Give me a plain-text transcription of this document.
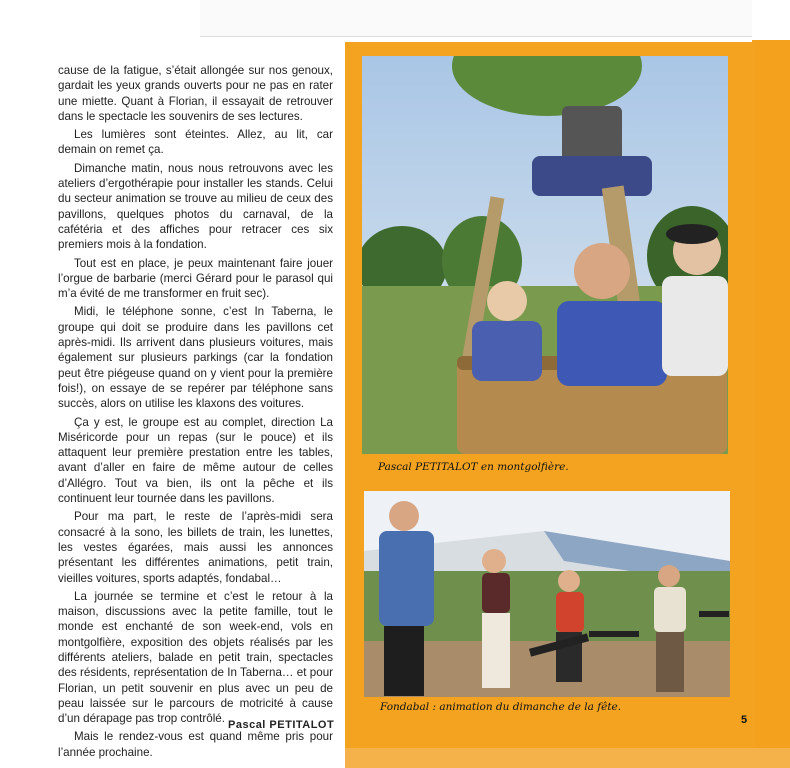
cause de la fatigue, s’était allongée sur nos genoux, gardait les yeux grands ouverts pour ne pas en rater une miette. Quant à Florian, il essayait de retrouver dans le spectacle les souvenirs de ses lectures.

Les lumières sont éteintes. Allez, au lit, car demain on remet ça.

Dimanche matin, nous nous retrouvons avec les ateliers d’ergothérapie pour installer les stands. Celui du secteur animation se trouve au milieu de ceux des pavillons, quelques photos du carnaval, de la cafétéria et des affiches pour retracer ces six premiers mois à la fondation.

Tout est en place, je peux maintenant faire jouer l’orgue de barbarie (merci Gérard pour le parasol qui m’a évité de me transformer en fruit sec).

Midi, le téléphone sonne, c’est In Taberna, le groupe qui doit se produire dans les pavillons cet après-midi. Ils arrivent dans plusieurs voitures, mais également sur plusieurs parkings (car la fondation peut être piégeuse quand on y vient pour la première fois!), on essaye de se repérer par téléphone sans succès, alors on utilise les klaxons des voitures.

Ça y est, le groupe est au complet, direction La Miséricorde pour un repas (sur le pouce) et ils attaquent leur première prestation entre les tables, avant d’aller en faire de même autour de celles d’Allégro. Tout va bien, ils ont la pêche et ils continuent leur tournée dans les pavillons.

Pour ma part, le reste de l’après-midi sera consacré à la sono, les billets de train, les lunettes, les vestes égarées, mais aussi les annonces présentant les différentes animations, petit train, vieilles voitures, sports adaptés, fondabal…

La journée se termine et c’est le retour à la maison, discussions avec la petite famille, tout le monde est enchanté de son week-end, vols en montgolfière, exposition des objets réalisés par les différents ateliers, balade en petit train, spectacles des résidents, représentation de In Taberna… et pour Florian, un petit souvenir en plus avec un peu de peau laissée sur le parcours de motricité à cause d’un dérapage pas trop contrôlé.

Mais le rendez-vous est quand même pris pour l’année prochaine.

Pascal PETITALOT
Pascal PETITALOT en montgolfière.
Fondabal : animation du dimanche de la fête.
5
